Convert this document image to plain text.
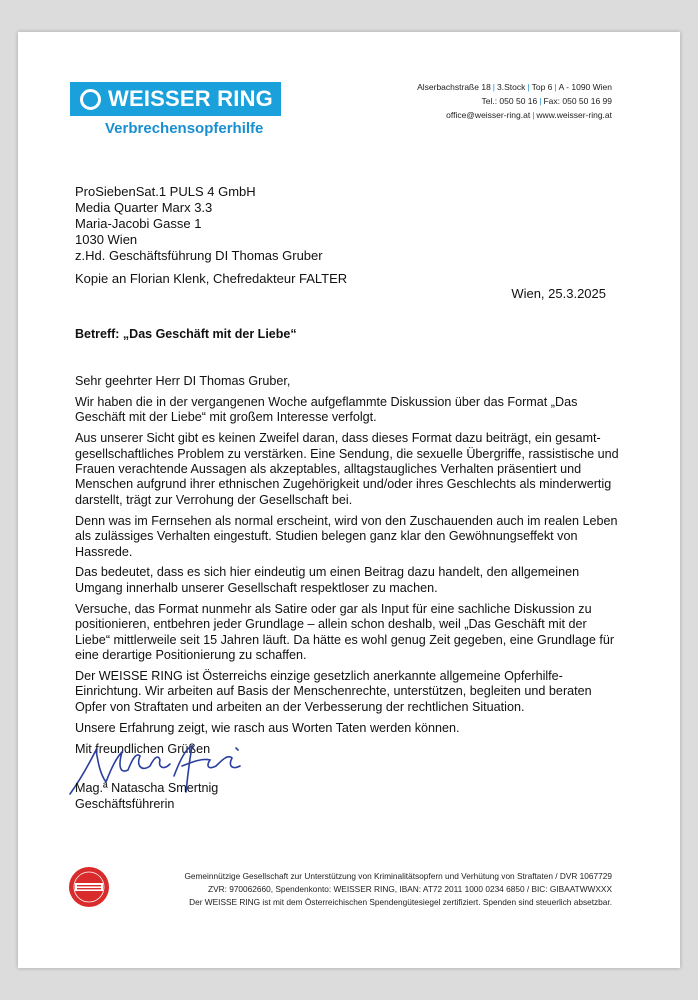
WEISSER RING
Verbrechensopferhilfe
Alserbachstraße 18 | 3.Stock | Top 6 | A - 1090 Wien
Tel.: 050 50 16 | Fax: 050 50 16 99
office@weisser-ring.at | www.weisser-ring.at
ProSiebenSat.1 PULS 4 GmbH
Media Quarter Marx 3.3
Maria-Jacobi Gasse 1
1030 Wien
z.Hd. Geschäftsführung DI Thomas Gruber
Kopie an Florian Klenk, Chefredakteur FALTER
Wien, 25.3.2025
Betreff: „Das Geschäft mit der Liebe“

Sehr geehrter Herr DI Thomas Gruber,

Wir haben die in der vergangenen Woche aufgeflammte Diskussion über das Format „Das Geschäft mit der Liebe“ mit großem Interesse verfolgt.

Aus unserer Sicht gibt es keinen Zweifel daran, dass dieses Format dazu beiträgt, ein gesamt-gesellschaftliches Problem zu verstärken. Eine Sendung, die sexuelle Übergriffe, rassistische und Frauen verachtende Aussagen als akzeptables, alltagstaugliches Verhalten präsentiert und Menschen aufgrund ihrer ethnischen Zugehörigkeit und/oder ihres Geschlechts als minderwertig darstellt, trägt zur Verrohung der Gesellschaft bei.

Denn was im Fernsehen als normal erscheint, wird von den Zuschauenden auch im realen Leben als zulässiges Verhalten eingestuft. Studien belegen ganz klar den Gewöhnungseffekt von Hassrede.

Das bedeutet, dass es sich hier eindeutig um einen Beitrag dazu handelt, den allgemeinen Umgang innerhalb unserer Gesellschaft respektloser zu machen.

Versuche, das Format nunmehr als Satire oder gar als Input für eine sachliche Diskussion zu positionieren, entbehren jeder Grundlage – allein schon deshalb, weil „Das Geschäft mit der Liebe“ mittlerweile seit 15 Jahren läuft. Da hätte es wohl genug Zeit gegeben, eine Grundlage für eine derartige Positionierung zu schaffen.

Der WEISSE RING ist Österreichs einzige gesetzlich anerkannte allgemeine Opferhilfe-Einrichtung. Wir arbeiten auf Basis der Menschenrechte, unterstützen, begleiten und beraten Opfer von Straftaten und arbeiten an der Verbesserung der rechtlichen Situation.

Unsere Erfahrung zeigt, wie rasch aus Worten Taten werden können.

Mit freundlichen Grüßen

Mag.ª Natascha Smertnig
Geschäftsführerin
Gemeinnützige Gesellschaft zur Unterstützung von Kriminalitätsopfern und Verhütung von Straftaten / DVR 1067729
ZVR: 970062660, Spendenkonto: WEISSER RING, IBAN: AT72 2011 1000 0234 6850 / BIC: GIBAATWWXXX
Der WEISSE RING ist mit dem Österreichischen Spendengütesiegel zertifiziert. Spenden sind steuerlich absetzbar.
